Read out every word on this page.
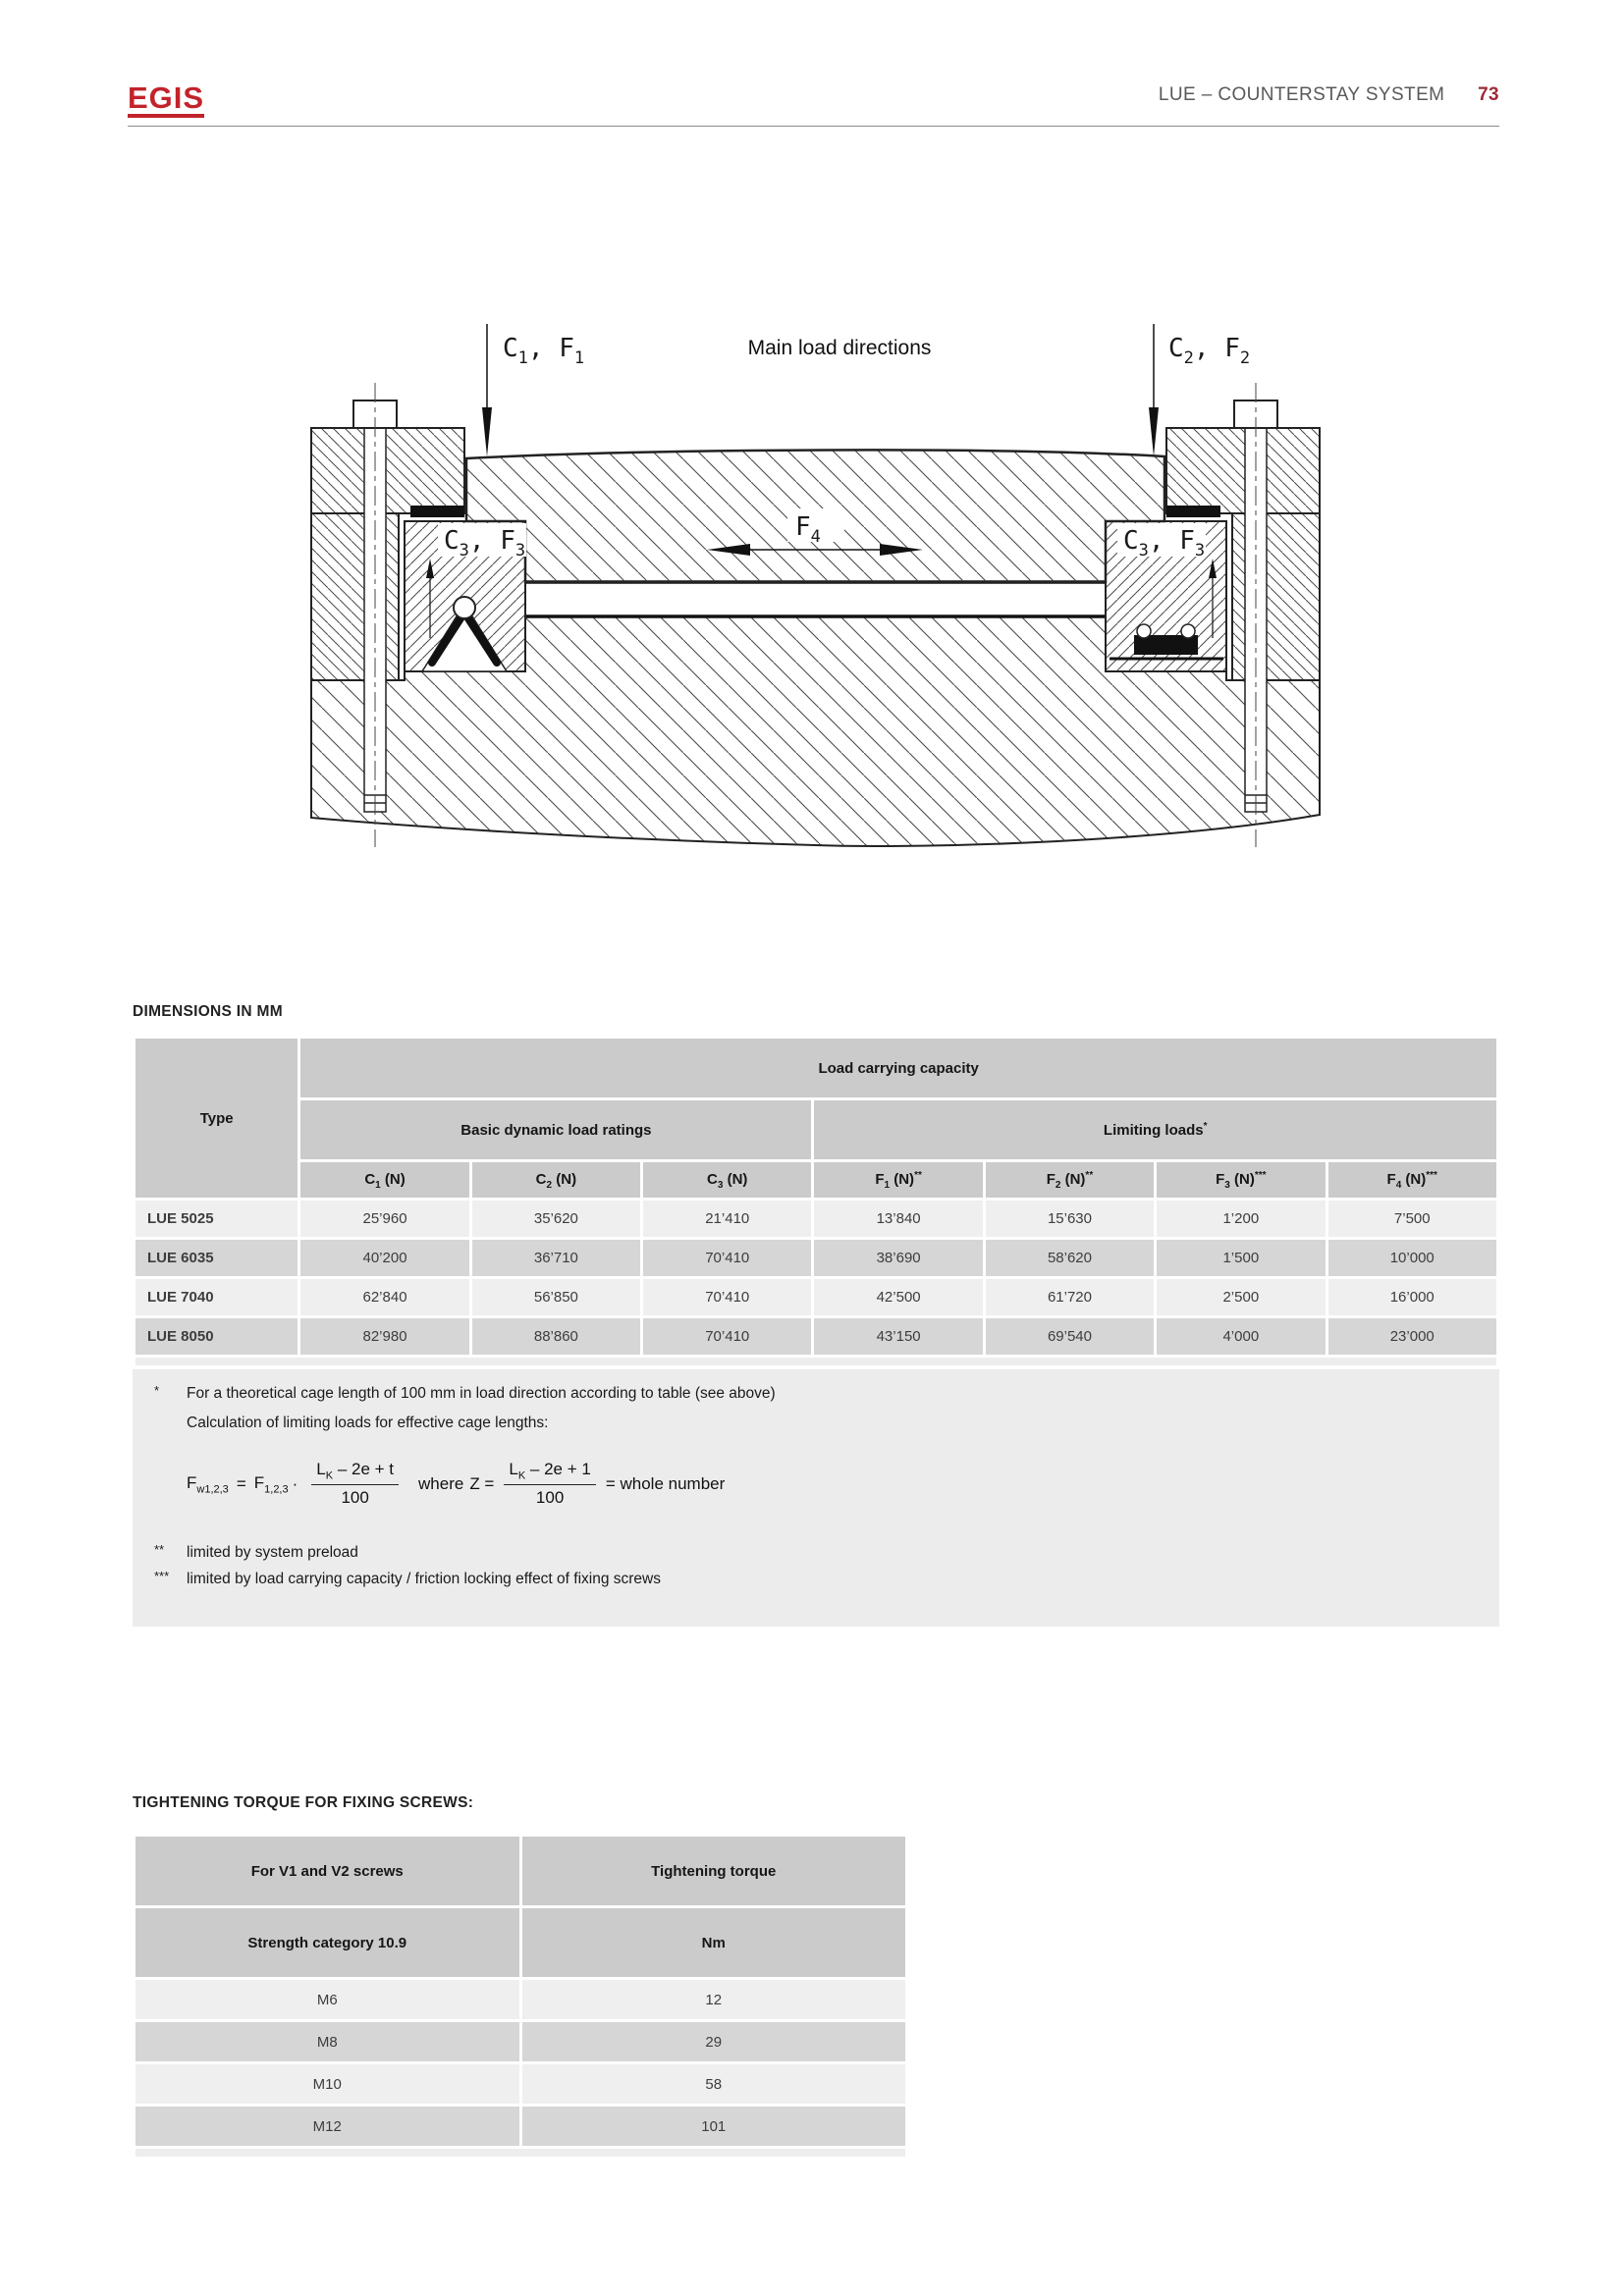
EGIS	LUE – COUNTERSTAY SYSTEM 73
$C_1$, $F_1$	$C_2$, $F_2$
Main load directions
$C_3$, $F_3$	$C_3$, $F_3$
$F_4$
DIMENSIONS IN MM
Type	Load carrying capacity						
	Basic dynamic load ratings			Limiting loads*
	$C_1$ (N)	$C_2$ (N)	$C_3$ (N)	$F_1$ (N)**	$F_2$ (N)**	$F_3$ (N)***	$F_4$ (N)***
LUE 5025	25’960	35’620	21’410	13’840	15’630	1’200	7’500
LUE 6035	40’200	36’710	70’410	38’690	58’620	1’500	10’000
LUE 7040	62’840	56’850	70’410	42’500	61’720	2’500	16’000
LUE 8050	82’980	88’860	70’410	43’150	69’540	4’000	23’000

* For a theoretical cage length of 100 mm in load direction according to table (see above)
Calculation of limiting loads for effective cage lengths:
$F_{w1,2,3} = F_{1,2,3} \cdot \frac{L_K - 2e + t}{100}$ where $Z = \frac{L_K - 2e + 1}{100}$ = whole number
** limited by system preload
*** limited by load carrying capacity / friction locking effect of fixing screws
TIGHTENING TORQUE FOR FIXING SCREWS:
For V1 and V2 screws	Tightening torque
Strength category 10.9	Nm
M6	12
M8	29
M10	58
M12	101
